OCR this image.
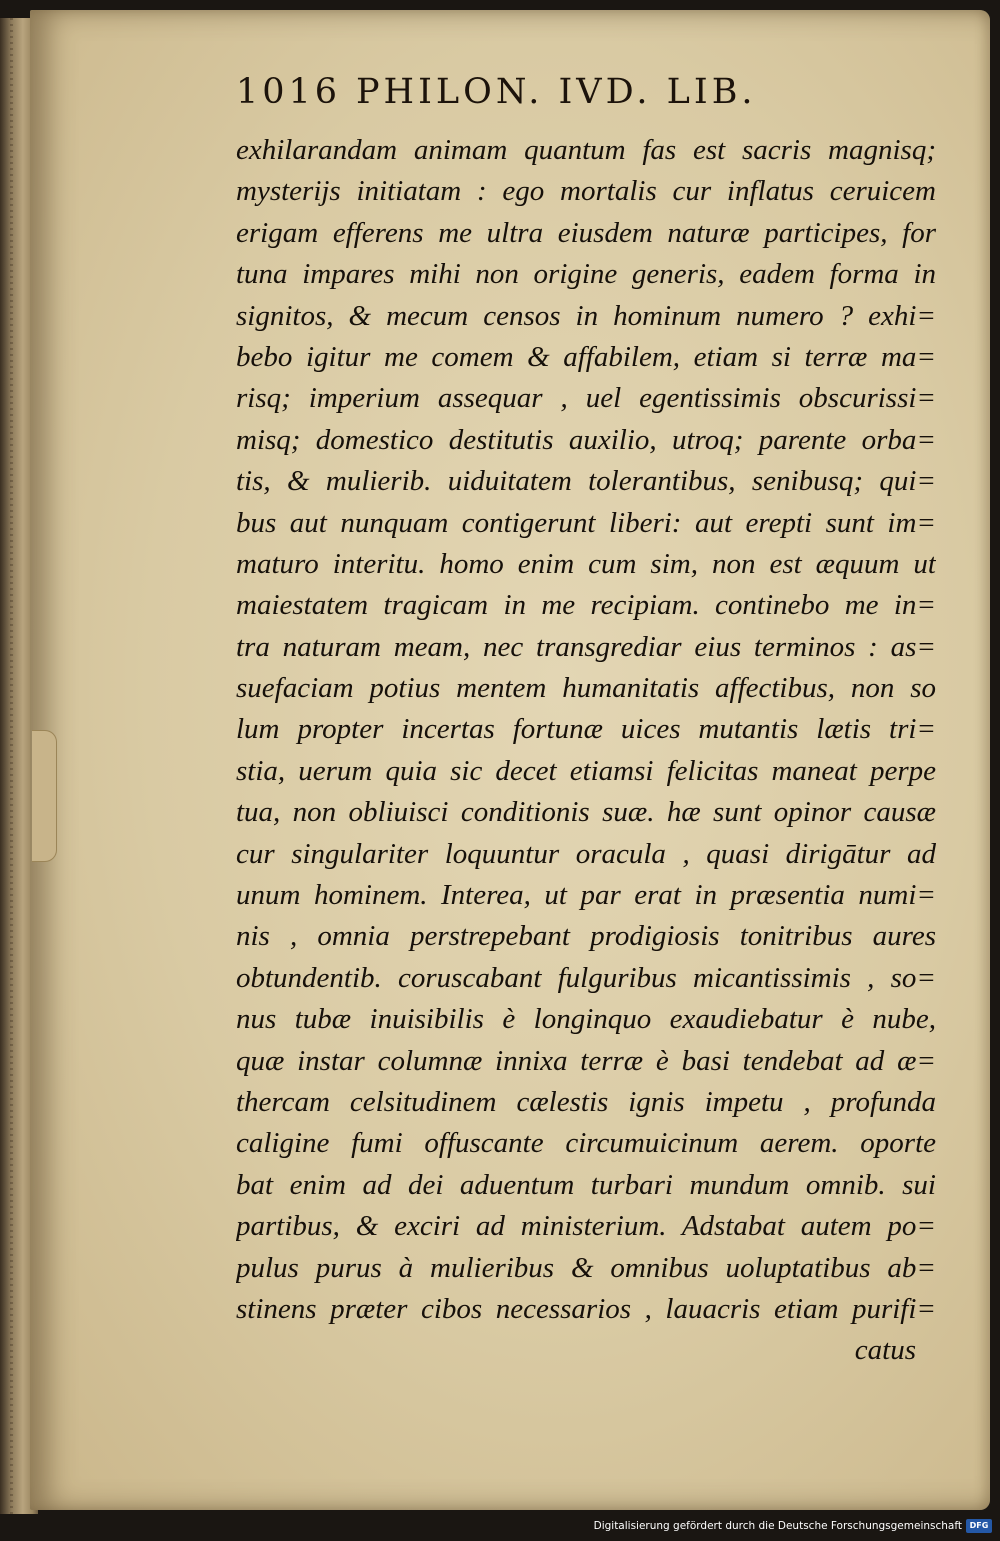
1016 PHILON. IVD. LIB.
exhilarandam animam quantum fas est sacris magnisq;
mysterijs initiatam : ego mortalis cur inflatus ceruicem
erigam efferens me ultra eiusdem naturæ participes, for
tuna impares mihi non origine generis, eadem forma in
signitos, & mecum censos in hominum numero ? exhi=
bebo igitur me comem & affabilem, etiam si terræ ma=
risq; imperium assequar , uel egentissimis obscurissi=
misq; domestico destitutis auxilio, utroq; parente orba=
tis, & mulierib. uiduitatem tolerantibus, senibusq; qui=
bus aut nunquam contigerunt liberi: aut erepti sunt im=
maturo interitu. homo enim cum sim, non est æquum ut
maiestatem tragicam in me recipiam. continebo me in=
tra naturam meam, nec transgrediar eius terminos : as=
suefaciam potius mentem humanitatis affectibus, non so
lum propter incertas fortunæ uices mutantis lætis tri=
stia, uerum quia sic decet etiamsi felicitas maneat perpe
tua, non obliuisci conditionis suæ. hæ sunt opinor causæ
cur singulariter loquuntur oracula , quasi dirigātur ad
unum hominem. Interea, ut par erat in præsentia numi=
nis , omnia perstrepebant prodigiosis tonitribus aures
obtundentib. coruscabant fulguribus micantissimis , so=
nus tubæ inuisibilis è longinquo exaudiebatur è nube,
quæ instar columnæ innixa terræ è basi tendebat ad æ=
thercam celsitudinem cælestis ignis impetu , profunda
caligine fumi offuscante circumuicinum aerem. oporte
bat enim ad dei aduentum turbari mundum omnib. sui
partibus, & exciri ad ministerium. Adstabat autem po=
pulus purus à mulieribus & omnibus uoluptatibus ab=
stinens præter cibos necessarios , lauacris etiam purifi=
catus
Digitalisierung gefördert durch die Deutsche Forschungsgemeinschaft DFG
